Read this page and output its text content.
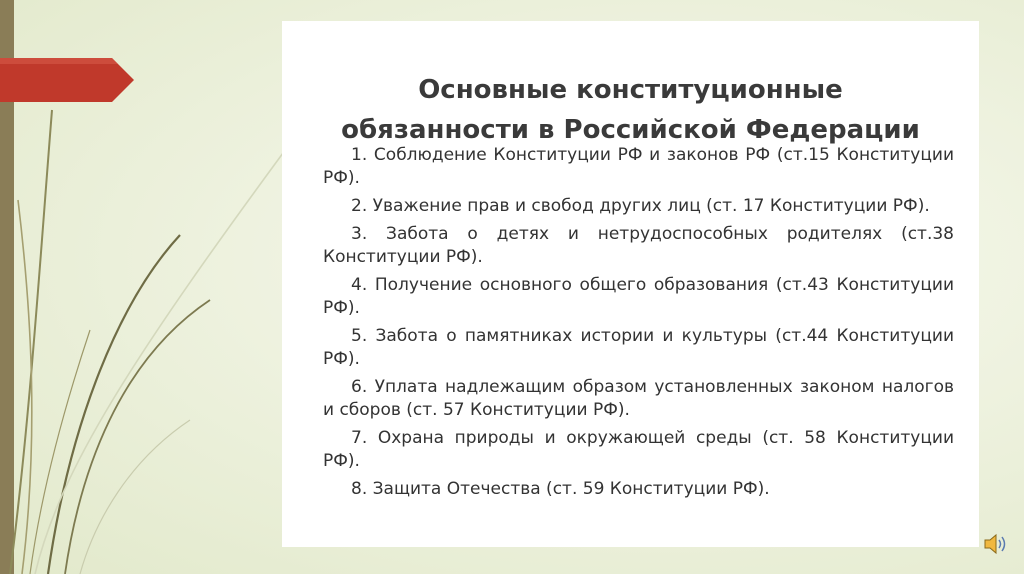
Основные конституционные
обязанности в Российской Федерации
1. Соблюдение Конституции РФ и законов РФ (ст.15 Конституции РФ).
2. Уважение прав и свобод других лиц (ст. 17 Конституции РФ).
3. Забота о детях и нетрудоспособных родителях (ст.38 Конституции РФ).
4. Получение основного общего образования (ст.43 Конституции РФ).
5. Забота о памятниках истории и культуры (ст.44 Конституции РФ).
6. Уплата надлежащим образом установленных законом налогов и сборов (ст. 57 Конституции РФ).
7. Охрана природы и окружающей среды (ст. 58 Конституции РФ).
8. Защита Отечества (ст. 59 Конституции РФ).
